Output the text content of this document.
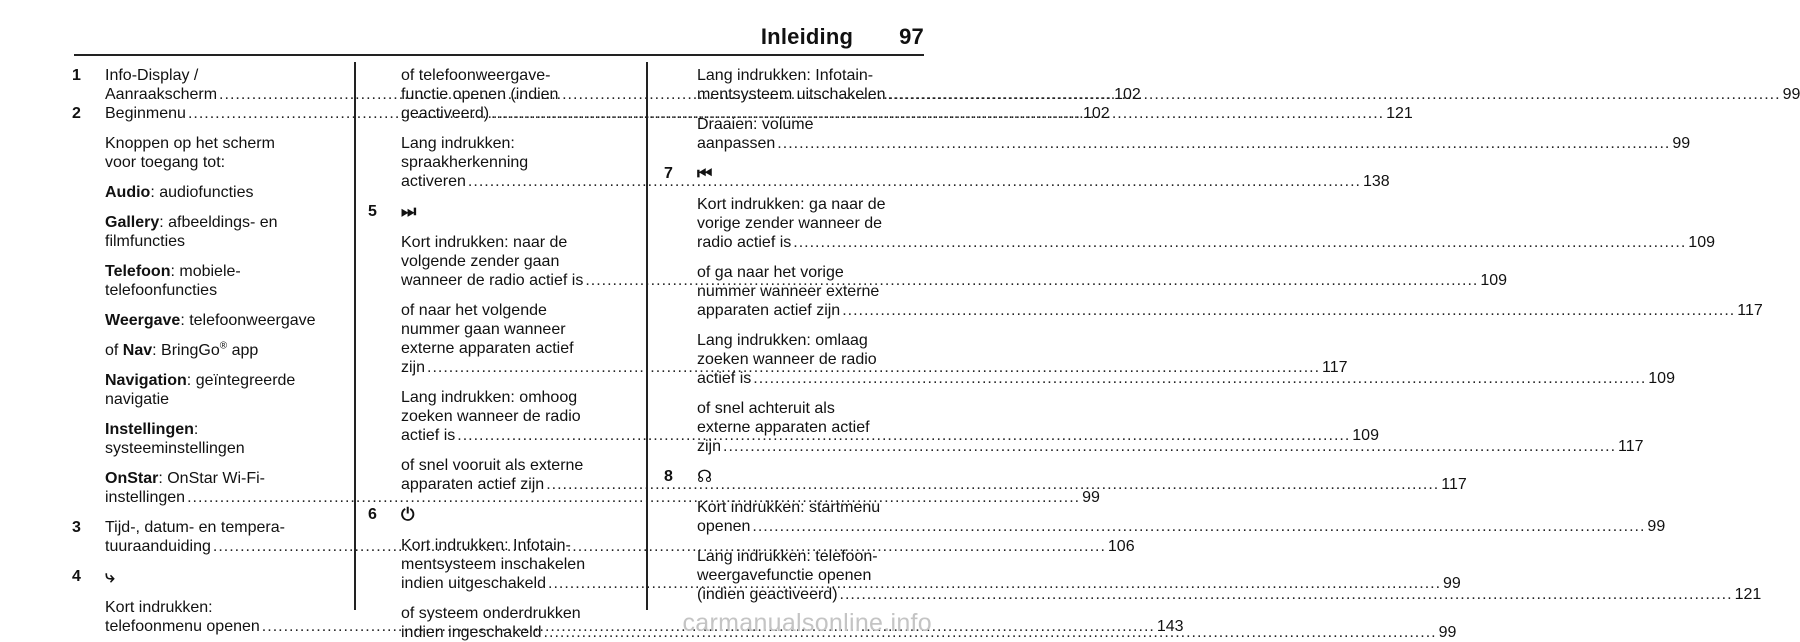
Inleiding 97
1	Info-Display /
Aanraakscherm .....	102
2	Beginmenu .....	102
Knoppen op het scherm
voor toegang tot:
Audio: audiofuncties
Gallery: afbeeldings- en
filmfuncties
Telefoon: mobiele-
telefoonfuncties
Weergave: telefoonweergave
of Nav: BringGo® app
Navigation: geïntegreerde
navigatie
Instellingen: systeeminstellingen
OnStar: OnStar Wi-Fi-
instellingen .....	99
3	Tijd-, datum- en tempera-
tuuraanduiding .....	106
4	⤷
Kort indrukken:
telefoonmenu openen .....	143
of telefoonweergave-
functie openen (indien
geactiveerd) .....	121
Lang indrukken:
spraakherkenning
activeren .....	138
5	⏭
Kort indrukken: naar de
volgende zender gaan
wanneer de radio actief is .....	109
of naar het volgende
nummer gaan wanneer
externe apparaten actief
zijn .....	117
Lang indrukken: omhoog
zoeken wanneer de radio
actief is .....	109
of snel vooruit als externe
apparaten actief zijn .....	117
6	⏻
Kort indrukken: Infotain-
mentsysteem inschakelen
indien uitgeschakeld .....	99
of systeem onderdrukken
indien ingeschakeld .....	99
Lang indrukken: Infotain-
mentsysteem uitschakelen .....	99
Draaien: volume
aanpassen .....	99
7	⏮
Kort indrukken: ga naar de
vorige zender wanneer de
radio actief is .....	109
of ga naar het vorige
nummer wanneer externe
apparaten actief zijn .....	117
Lang indrukken: omlaag
zoeken wanneer de radio
actief is .....	109
of snel achteruit als
externe apparaten actief
zijn .....	117
8	☊
Kort indrukken: startmenu
openen .....	99
Lang indrukken: telefoon-
weergavefunctie openen
(indien geactiveerd) .....	121
carmanualsonline.info
